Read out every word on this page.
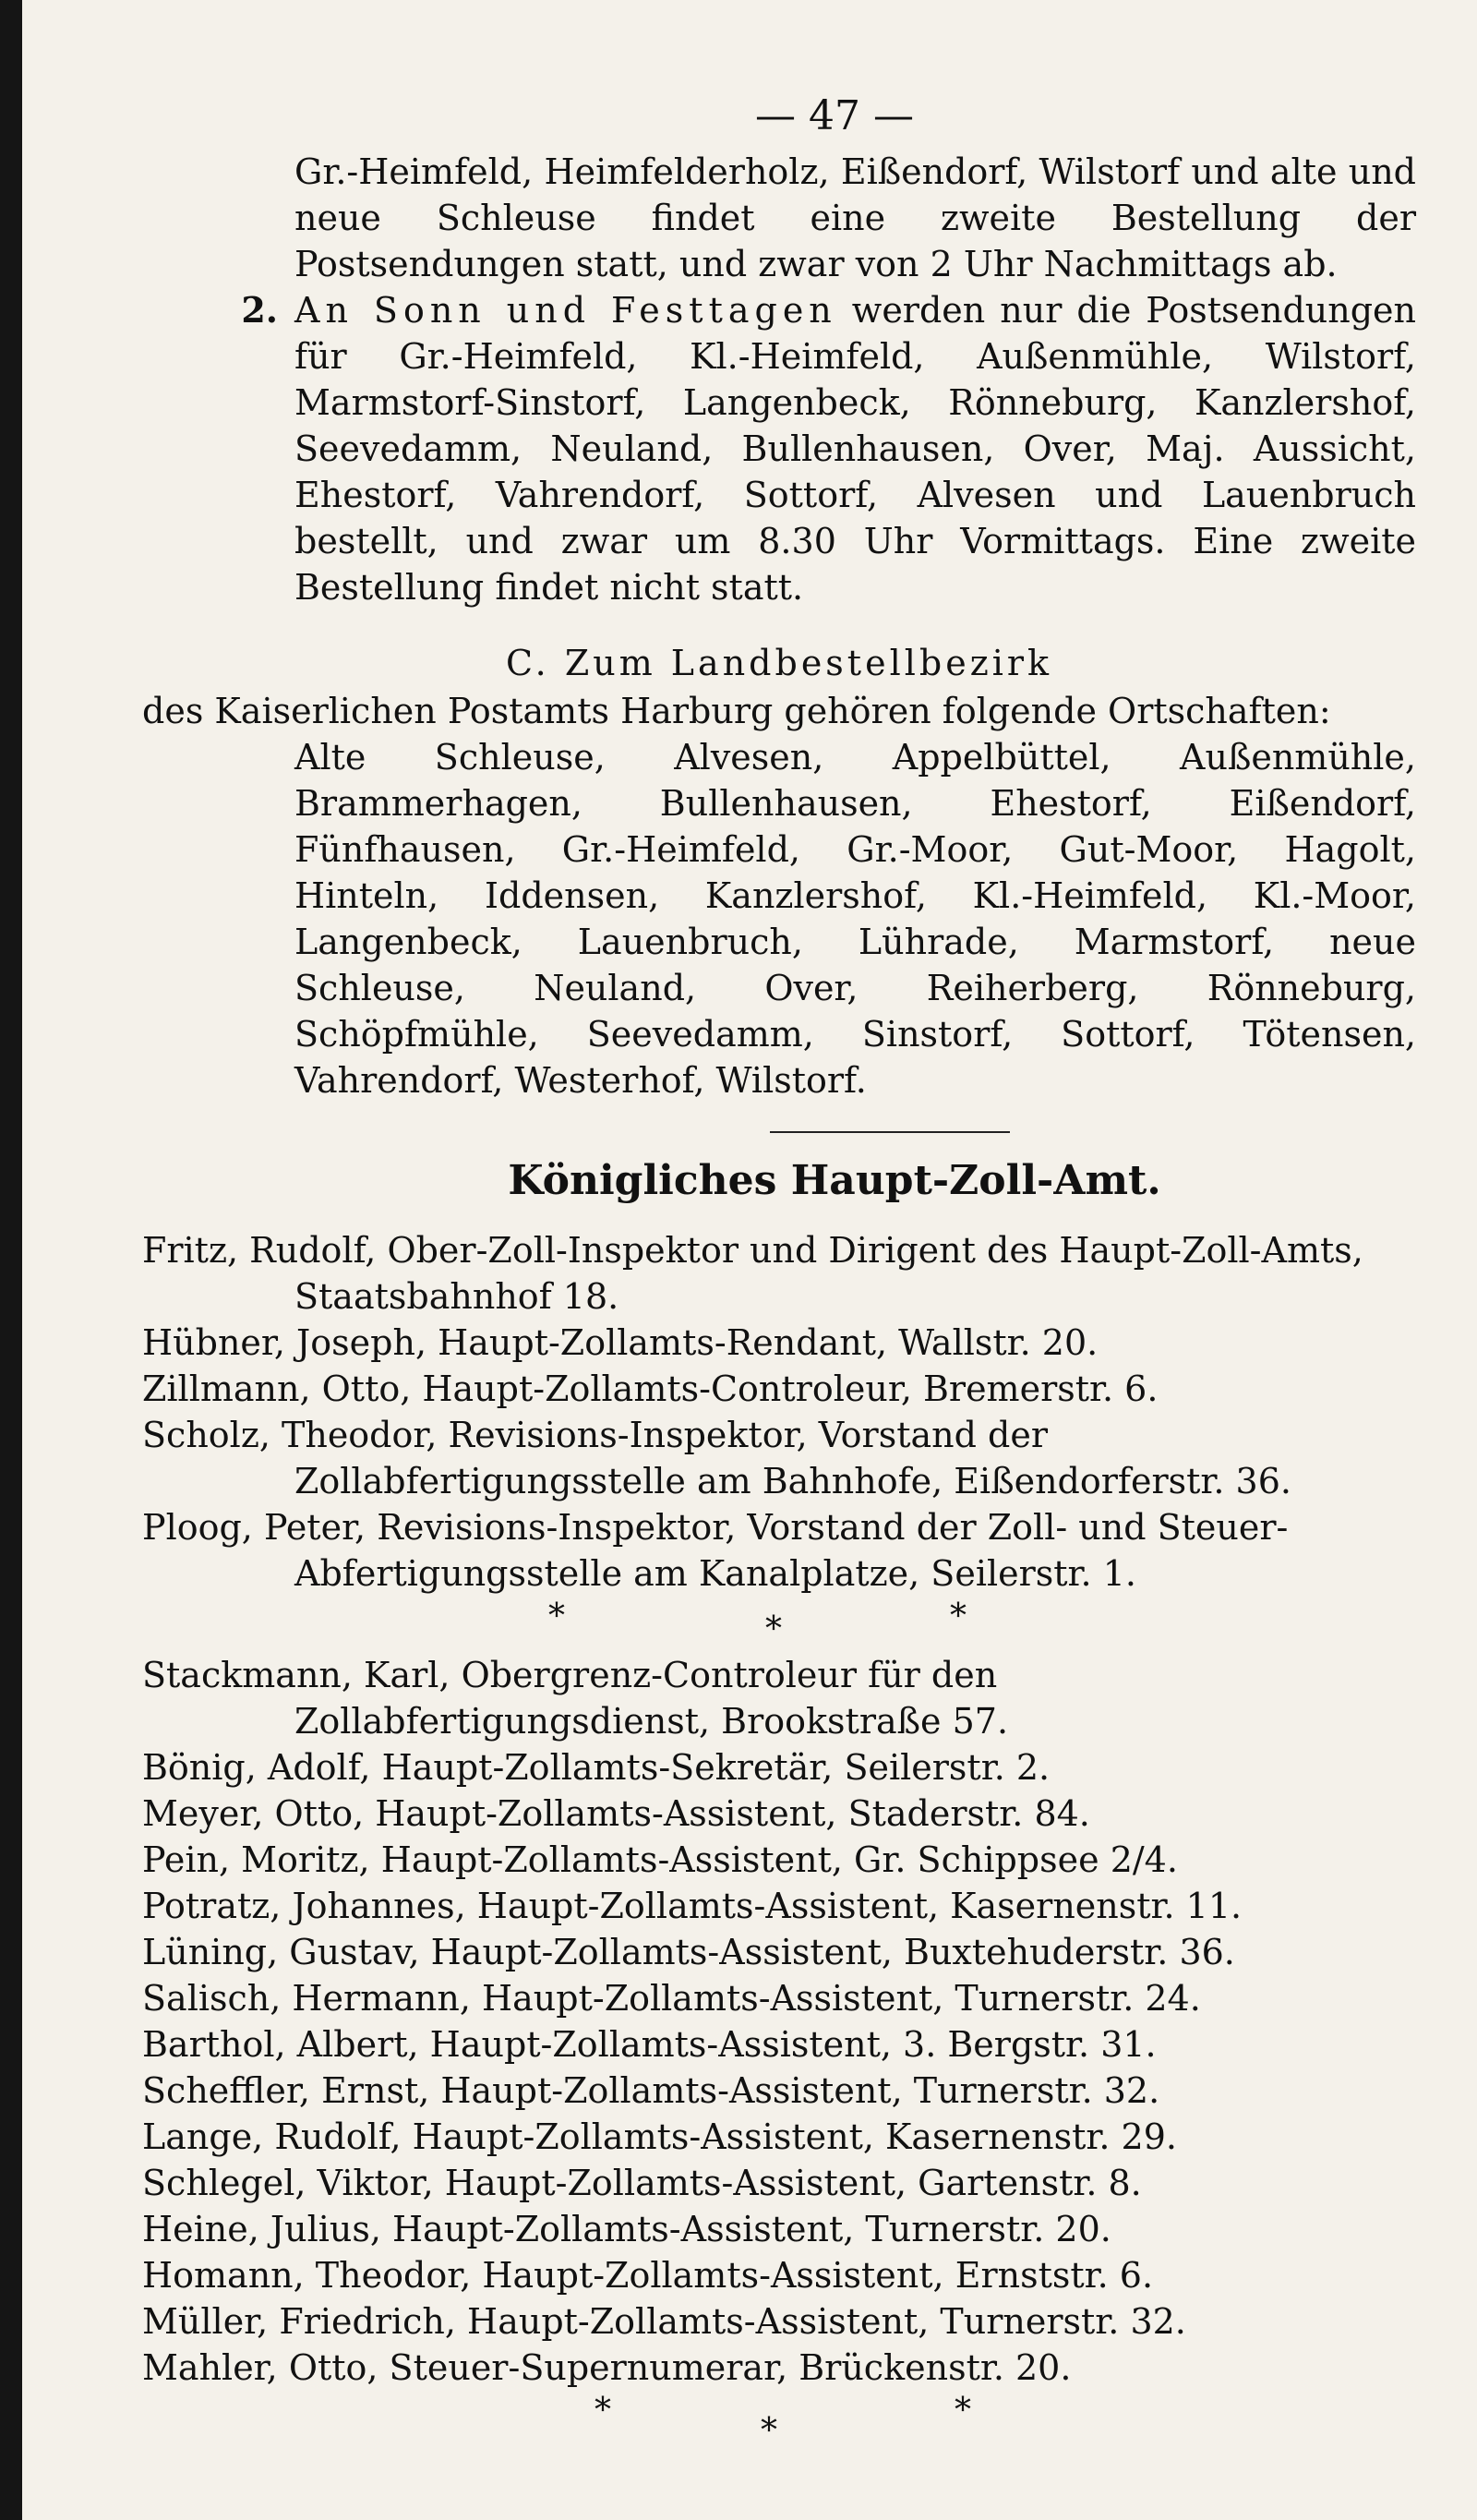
— 47 —
Gr.-Heimfeld, Heimfelderholz, Eißendorf, Wilstorf und alte und neue Schleuse findet eine zweite Bestellung der Postsendungen statt, und zwar von 2 Uhr Nachmittags ab.
2. An Sonn und Festtagen werden nur die Postsendungen für Gr.-Heimfeld, Kl.-Heimfeld, Außenmühle, Wilstorf, Marmstorf-Sinstorf, Langenbeck, Rönneburg, Kanzlershof, Seevedamm, Neuland, Bullenhausen, Over, Maj. Aussicht, Ehestorf, Vahrendorf, Sottorf, Alvesen und Lauenbruch bestellt, und zwar um 8.30 Uhr Vormittags. Eine zweite Bestellung findet nicht statt.
C. Zum Landbestellbezirk
des Kaiserlichen Postamts Harburg gehören folgende Ortschaften:
Alte Schleuse, Alvesen, Appelbüttel, Außenmühle, Brammerhagen, Bullenhausen, Ehestorf, Eißendorf, Fünfhausen, Gr.-Heimfeld, Gr.-Moor, Gut-Moor, Hagolt, Hinteln, Iddensen, Kanzlershof, Kl.-Heimfeld, Kl.-Moor, Langenbeck, Lauenbruch, Lührade, Marmstorf, neue Schleuse, Neuland, Over, Reiherberg, Rönneburg, Schöpfmühle, Seevedamm, Sinstorf, Sottorf, Tötensen, Vahrendorf, Westerhof, Wilstorf.
Königliches Haupt-Zoll-Amt.
Fritz, Rudolf, Ober-Zoll-Inspektor und Dirigent des Haupt-Zoll-Amts, Staatsbahnhof 18.
Hübner, Joseph, Haupt-Zollamts-Rendant, Wallstr. 20.
Zillmann, Otto, Haupt-Zollamts-Controleur, Bremerstr. 6.
Scholz, Theodor, Revisions-Inspektor, Vorstand der Zollabfertigungsstelle am Bahnhofe, Eißendorferstr. 36.
Ploog, Peter, Revisions-Inspektor, Vorstand der Zoll- und Steuer-Abfertigungsstelle am Kanalplatze, Seilerstr. 1.
*	*	*
Stackmann, Karl, Obergrenz-Controleur für den Zollabfertigungsdienst, Brookstraße 57.
Bönig, Adolf, Haupt-Zollamts-Sekretär, Seilerstr. 2.
Meyer, Otto, Haupt-Zollamts-Assistent, Staderstr. 84.
Pein, Moritz, Haupt-Zollamts-Assistent, Gr. Schippsee 2/4.
Potratz, Johannes, Haupt-Zollamts-Assistent, Kasernenstr. 11.
Lüning, Gustav, Haupt-Zollamts-Assistent, Buxtehuderstr. 36.
Salisch, Hermann, Haupt-Zollamts-Assistent, Turnerstr. 24.
Barthol, Albert, Haupt-Zollamts-Assistent, 3. Bergstr. 31.
Scheffler, Ernst, Haupt-Zollamts-Assistent, Turnerstr. 32.
Lange, Rudolf, Haupt-Zollamts-Assistent, Kasernenstr. 29.
Schlegel, Viktor, Haupt-Zollamts-Assistent, Gartenstr. 8.
Heine, Julius, Haupt-Zollamts-Assistent, Turnerstr. 20.
Homann, Theodor, Haupt-Zollamts-Assistent, Ernststr. 6.
Müller, Friedrich, Haupt-Zollamts-Assistent, Turnerstr. 32.
Mahler, Otto, Steuer-Supernumerar, Brückenstr. 20.
*
*
*
